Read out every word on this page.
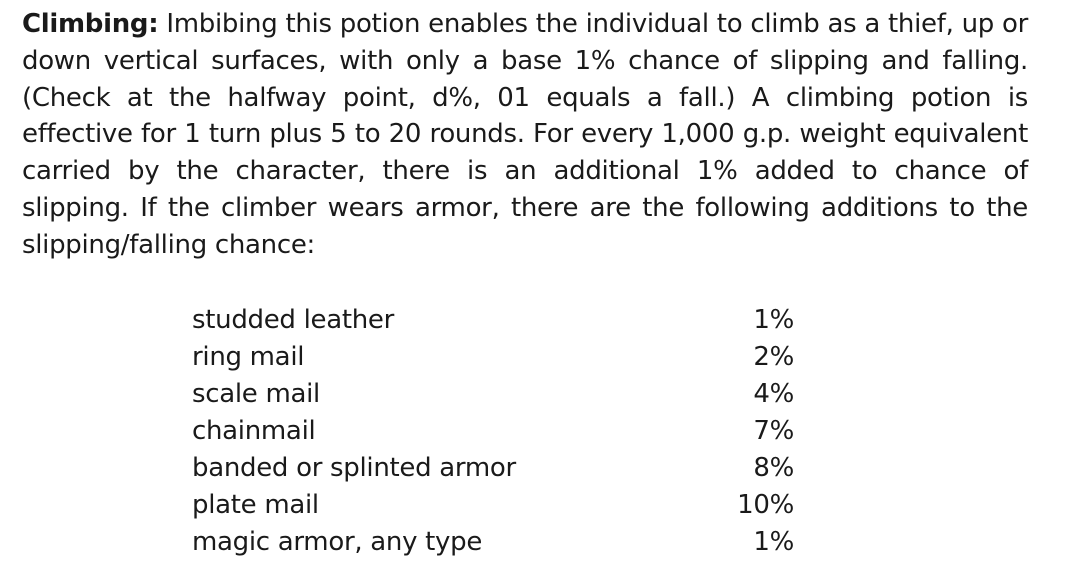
Climbing: Imbibing this potion enables the individual to climb as a thief, up or down vertical surfaces, with only a base 1% chance of slipping and falling. (Check at the halfway point, d%, 01 equals a fall.) A climbing potion is effective for 1 turn plus 5 to 20 rounds. For every 1,000 g.p. weight equivalent carried by the character, there is an additional 1% added to chance of slipping. If the climber wears armor, there are the following additions to the slipping/falling chance:
studded leather	1%
ring mail	2%
scale mail	4%
chainmail	7%
banded or splinted armor	8%
plate mail	10%
magic armor, any type	1%
